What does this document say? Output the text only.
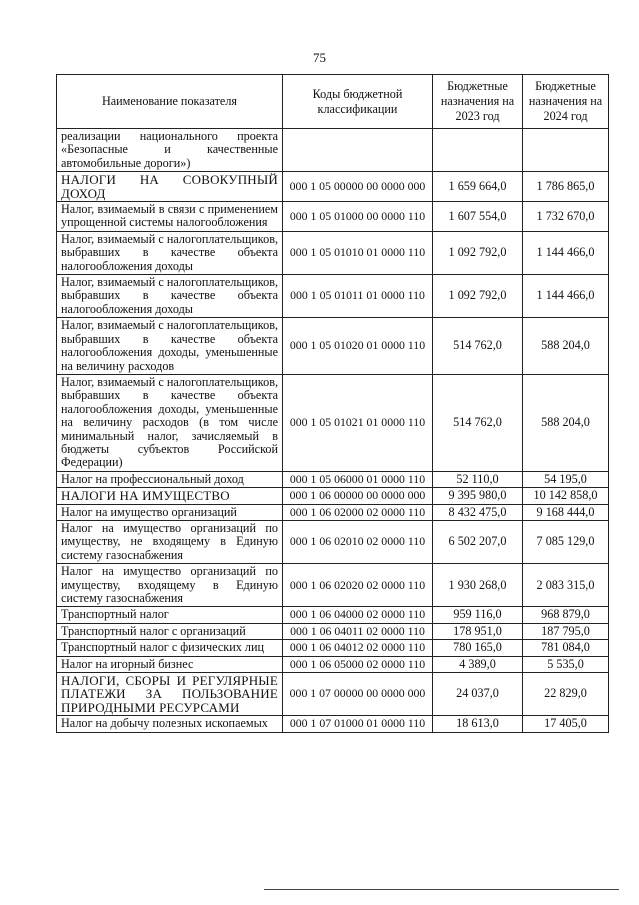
75
Наименование показателя	Коды бюджетной классификации	Бюджетные назначения на 2023 год	Бюджетные назначения на 2024 год
реализации национального проекта «Безопасные и качественные автомобильные дороги»)			
НАЛОГИ НА СОВОКУПНЫЙ ДОХОД	000 1 05 00000 00 0000 000	1 659 664,0	1 786 865,0
Налог, взимаемый в связи с применением упрощенной системы налогообложения	000 1 05 01000 00 0000 110	1 607 554,0	1 732 670,0
Налог, взимаемый с налогоплательщиков, выбравших в качестве объекта налогообложения доходы	000 1 05 01010 01 0000 110	1 092 792,0	1 144 466,0
Налог, взимаемый с налогоплательщиков, выбравших в качестве объекта налогообложения доходы	000 1 05 01011 01 0000 110	1 092 792,0	1 144 466,0
Налог, взимаемый с налогоплательщиков, выбравших в качестве объекта налогообложения доходы, уменьшенные на величину расходов	000 1 05 01020 01 0000 110	514 762,0	588 204,0
Налог, взимаемый с налогоплательщиков, выбравших в качестве объекта налогообложения доходы, уменьшенные на величину расходов (в том числе минимальный налог, зачисляемый в бюджеты субъектов Российской Федерации)	000 1 05 01021 01 0000 110	514 762,0	588 204,0
Налог на профессиональный доход	000 1 05 06000 01 0000 110	52 110,0	54 195,0
НАЛОГИ НА ИМУЩЕСТВО	000 1 06 00000 00 0000 000	9 395 980,0	10 142 858,0
Налог на имущество организаций	000 1 06 02000 02 0000 110	8 432 475,0	9 168 444,0
Налог на имущество организаций по имуществу, не входящему в Единую систему газоснабжения	000 1 06 02010 02 0000 110	6 502 207,0	7 085 129,0
Налог на имущество организаций по имуществу, входящему в Единую систему газоснабжения	000 1 06 02020 02 0000 110	1 930 268,0	2 083 315,0
Транспортный налог	000 1 06 04000 02 0000 110	959 116,0	968 879,0
Транспортный налог с организаций	000 1 06 04011 02 0000 110	178 951,0	187 795,0
Транспортный налог с физических лиц	000 1 06 04012 02 0000 110	780 165,0	781 084,0
Налог на игорный бизнес	000 1 06 05000 02 0000 110	4 389,0	5 535,0
НАЛОГИ, СБОРЫ И РЕГУЛЯРНЫЕ ПЛАТЕЖИ ЗА ПОЛЬЗОВАНИЕ ПРИРОДНЫМИ РЕСУРСАМИ	000 1 07 00000 00 0000 000	24 037,0	22 829,0
Налог на добычу полезных ископаемых	000 1 07 01000 01 0000 110	18 613,0	17 405,0
